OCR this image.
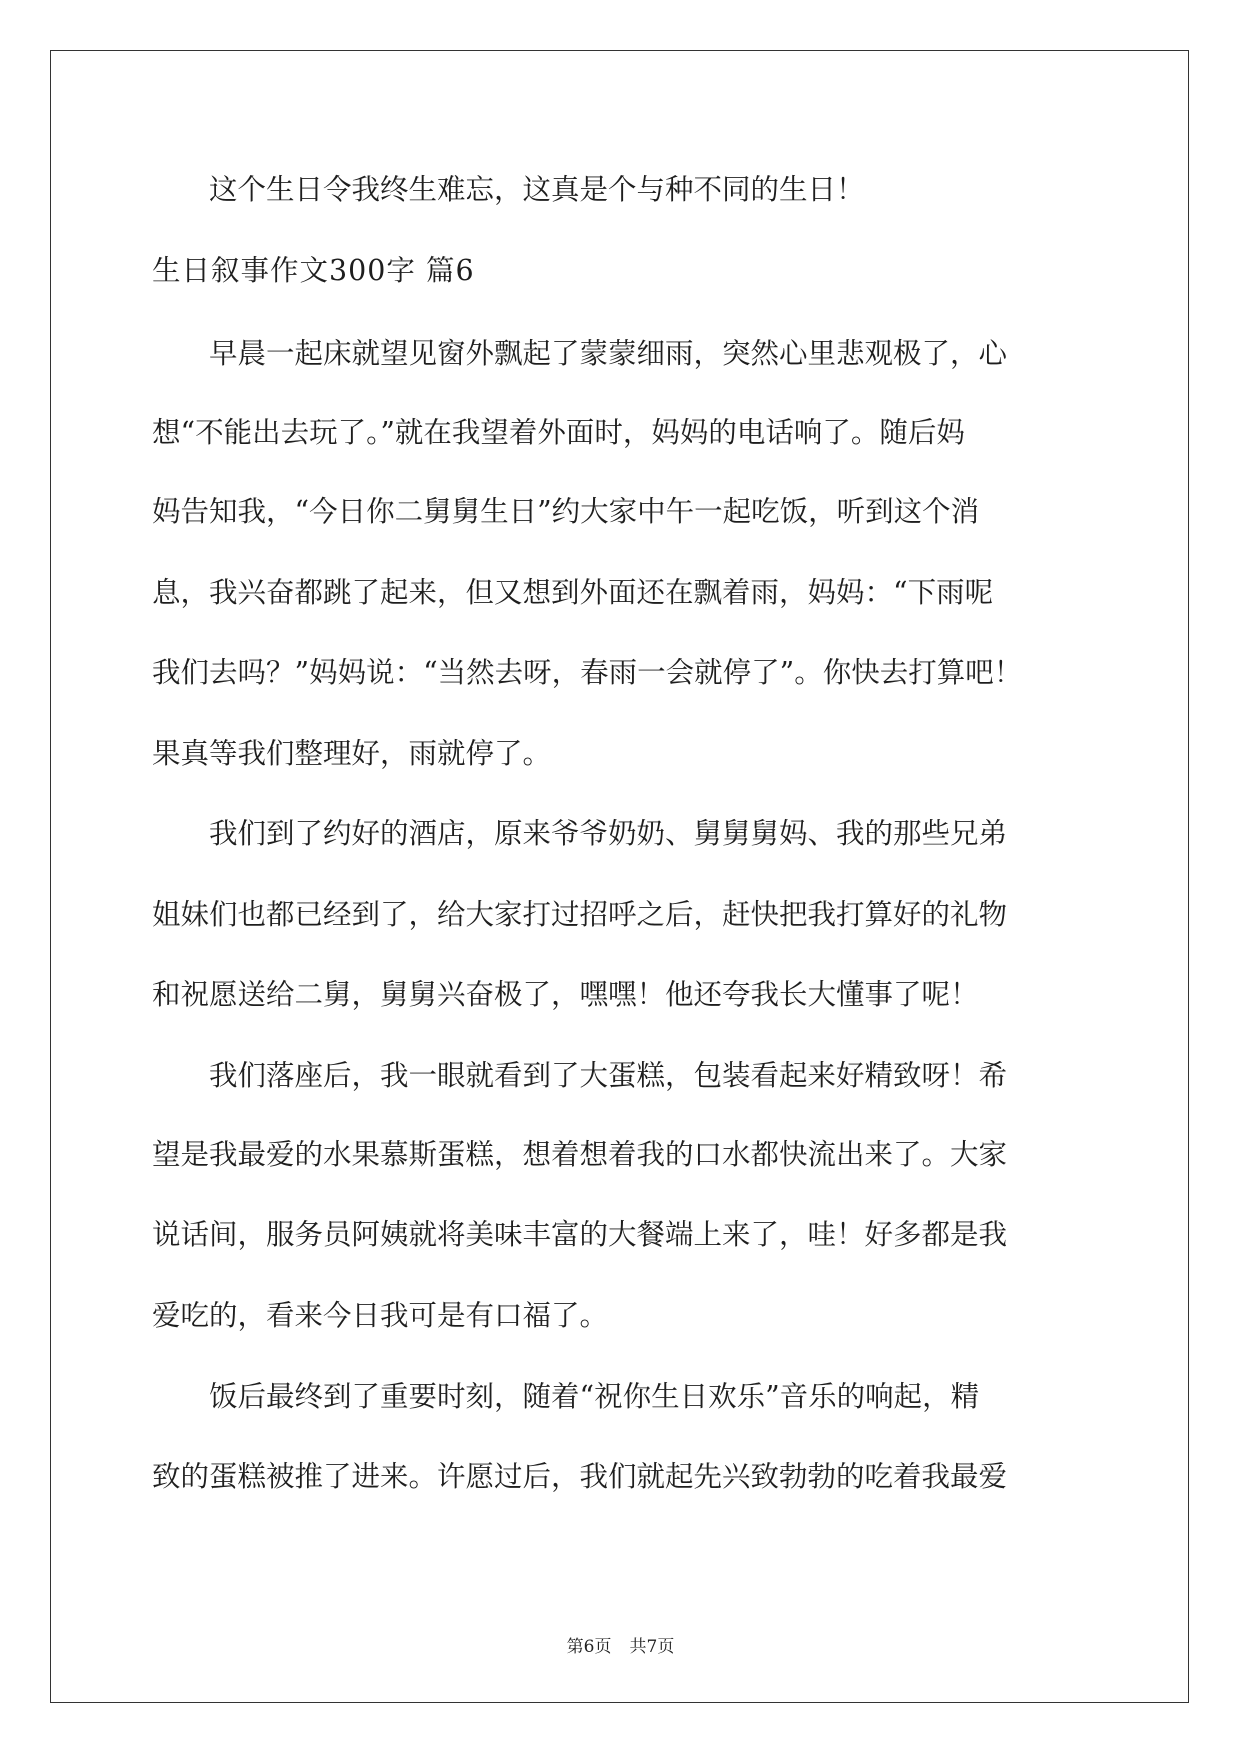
　　这个生日令我终生难忘，这真是个与种不同的生日！
生日叙事作文300字 篇6
　　早晨一起床就望见窗外飘起了蒙蒙细雨，突然心里悲观极了，心
想“不能出去玩了。”就在我望着外面时，妈妈的电话响了。随后妈
妈告知我，“今日你二舅舅生日”约大家中午一起吃饭，听到这个消
息，我兴奋都跳了起来，但又想到外面还在飘着雨，妈妈：“下雨呢
我们去吗？”妈妈说：“当然去呀，春雨一会就停了”。你快去打算吧！
果真等我们整理好，雨就停了。
　　我们到了约好的酒店，原来爷爷奶奶、舅舅舅妈、我的那些兄弟
姐妹们也都已经到了，给大家打过招呼之后，赶快把我打算好的礼物
和祝愿送给二舅，舅舅兴奋极了，嘿嘿！他还夸我长大懂事了呢！
　　我们落座后，我一眼就看到了大蛋糕，包装看起来好精致呀！希
望是我最爱的水果慕斯蛋糕，想着想着我的口水都快流出来了。大家
说话间，服务员阿姨就将美味丰富的大餐端上来了，哇！好多都是我
爱吃的，看来今日我可是有口福了。
　　饭后最终到了重要时刻，随着“祝你生日欢乐”音乐的响起，精
致的蛋糕被推了进来。许愿过后，我们就起先兴致勃勃的吃着我最爱
第6页 共7页
